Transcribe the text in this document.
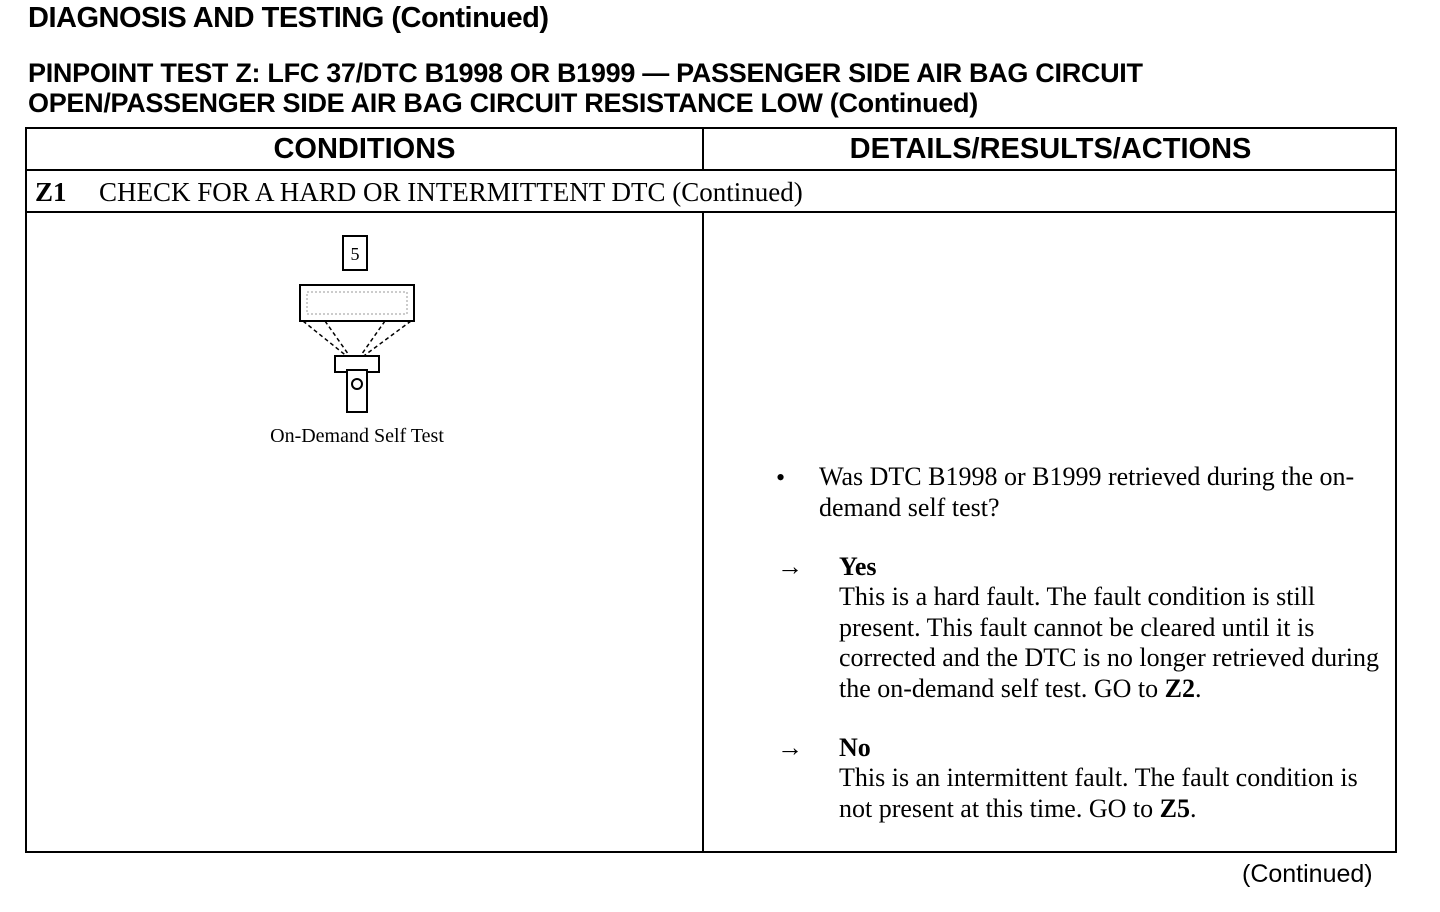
DIAGNOSIS AND TESTING (Continued)
PINPOINT TEST Z: LFC 37/DTC B1998 OR B1999 — PASSENGER SIDE AIR BAG CIRCUIT
OPEN/PASSENGER SIDE AIR BAG CIRCUIT RESISTANCE LOW (Continued)
CONDITIONS	DETAILS/RESULTS/ACTIONS
Z1 CHECK FOR A HARD OR INTERMITTENT DTC (Continued)
5
On-Demand Self Test
• Was DTC B1998 or B1999 retrieved during the on-demand self test?
→ Yes
This is a hard fault. The fault condition is still present. This fault cannot be cleared until it is corrected and the DTC is no longer retrieved during the on-demand self test. GO to Z2.
→ No
This is an intermittent fault. The fault condition is not present at this time. GO to Z5.
(Continued)
